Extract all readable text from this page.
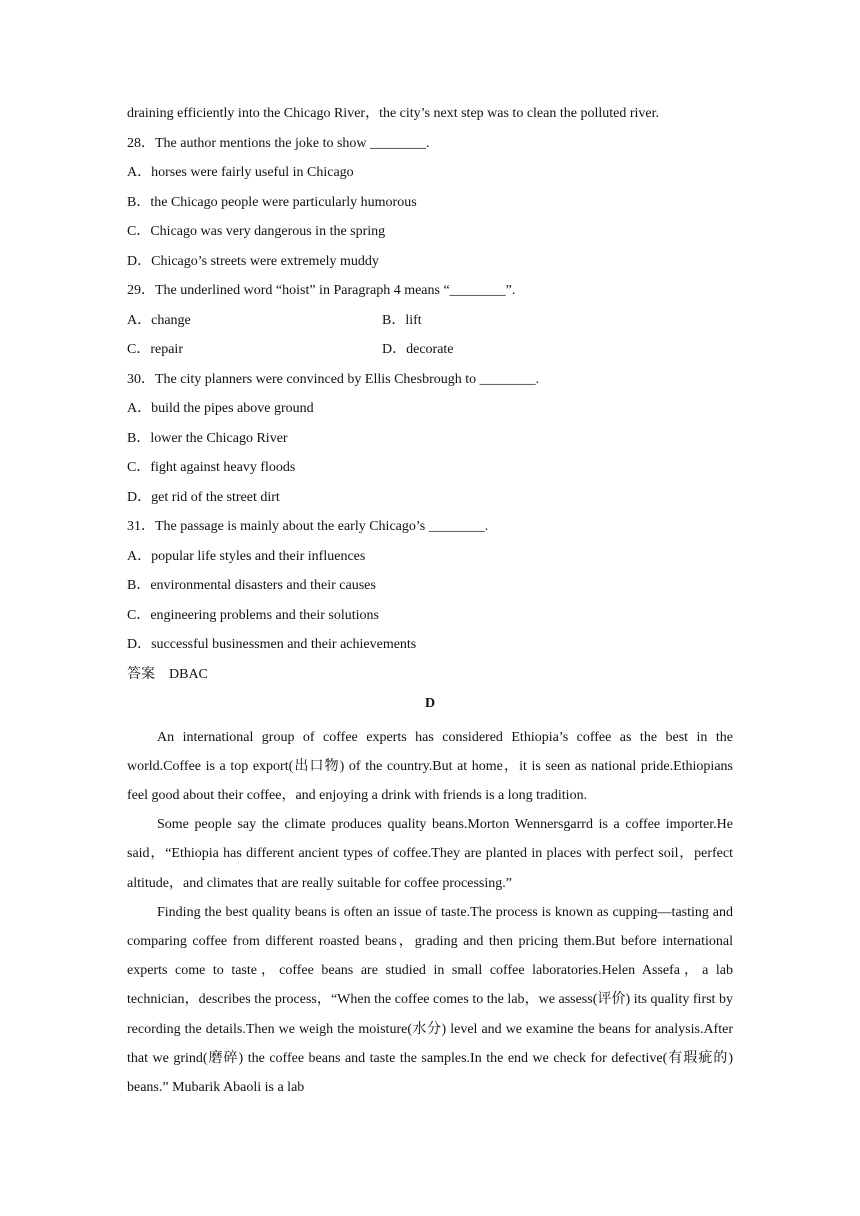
draining efficiently into the Chicago River，the city’s next step was to clean the polluted river.
28．The author mentions the joke to show ________.
A．horses were fairly useful in Chicago
B．the Chicago people were particularly humorous
C．Chicago was very dangerous in the spring
D．Chicago’s streets were extremely muddy
29．The underlined word “hoist” in Paragraph 4 means “________”.
A．change	B．lift
C．repair	D．decorate
30．The city planners were convinced by Ellis Chesbrough to ________.
A．build the pipes above ground
B．lower the Chicago River
C．fight against heavy floods
D．get rid of the street dirt
31．The passage is mainly about the early Chicago’s ________.
A．popular life styles and their influences
B．environmental disasters and their causes
C．engineering problems and their solutions
D．successful businessmen and their achievements
答案　DBAC
D

An international group of coffee experts has considered Ethiopia’s coffee as the best in the world.Coffee is a top export(出口物) of the country.But at home，it is seen as national pride.Ethiopians feel good about their coffee，and enjoying a drink with friends is a long tradition.

Some people say the climate produces quality beans.Morton Wennersgarrd is a coffee importer.He said，“Ethiopia has different ancient types of coffee.They are planted in places with perfect soil，perfect altitude，and climates that are really suitable for coffee processing.”

Finding the best quality beans is often an issue of taste.The process is known as cupping—tasting and comparing coffee from different roasted beans，grading and then pricing them.But before international experts come to taste，coffee beans are studied in small coffee laboratories.Helen Assefa，a lab technician，describes the process，“When the coffee comes to the lab，we assess(评价) its quality first by recording the details.Then we weigh the moisture(水分) level and we examine the beans for analysis.After that we grind(磨碎) the coffee beans and taste the samples.In the end we check for defective(有瑕疵的) beans.” Mubarik Abaoli is a lab
